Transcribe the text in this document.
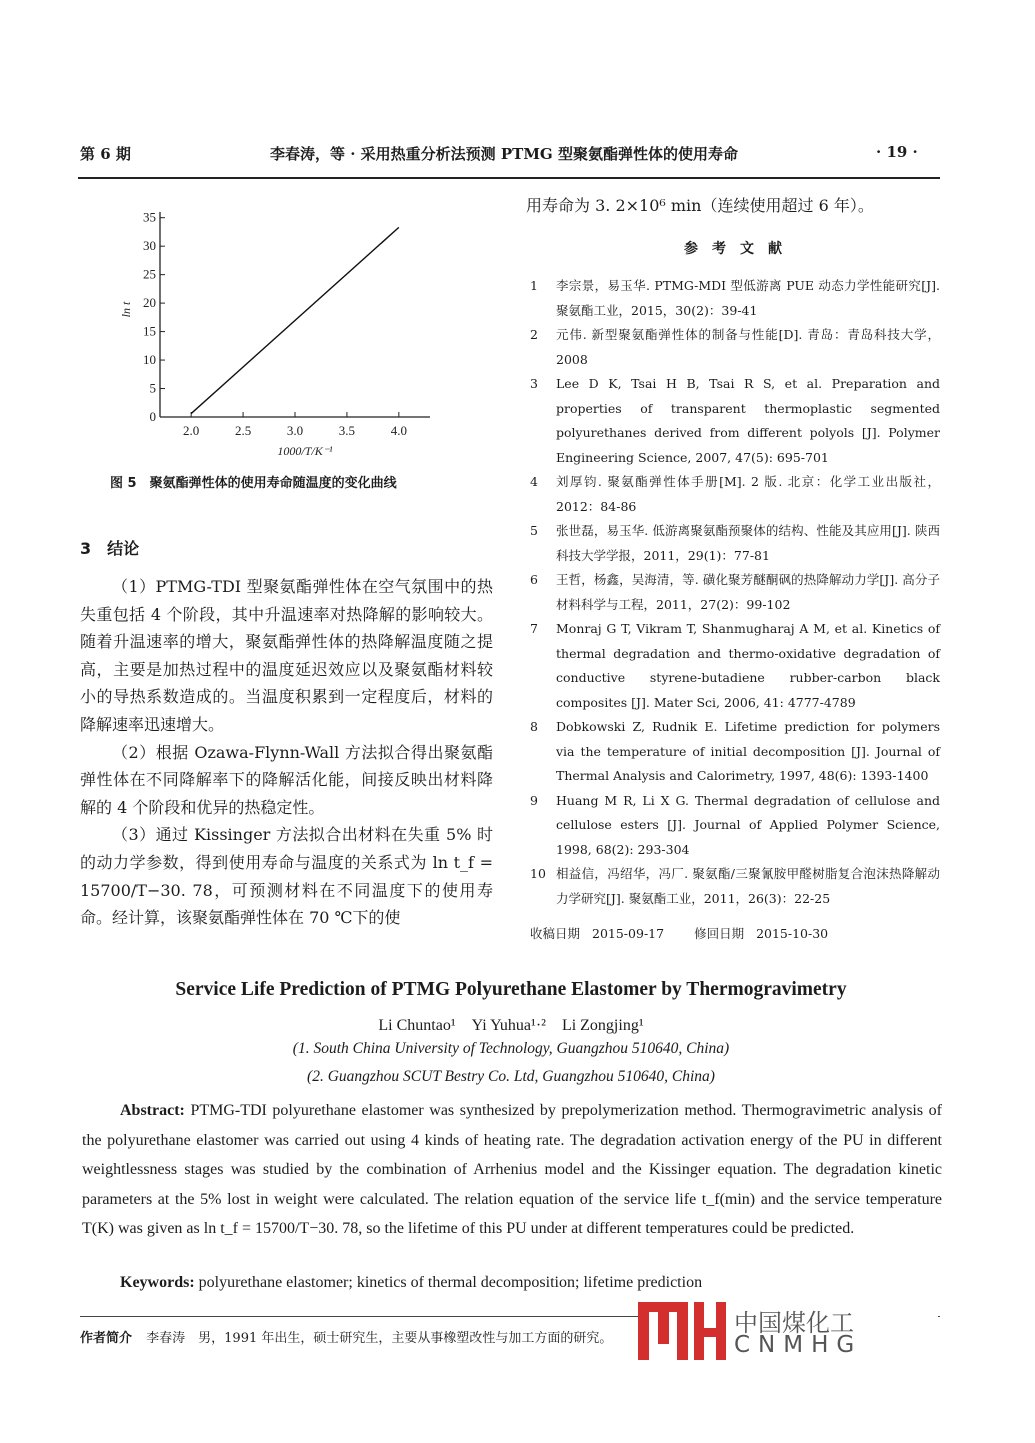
第 6 期	李春涛，等 · 采用热重分析法预测 PTMG 型聚氨酯弹性体的使用寿命	· 19 ·
0
5
10
15
20
25
30
35
2.0	2.5	3.0	3.5	4.0
1000/T/K⁻¹
ln t
图 5　聚氨酯弹性体的使用寿命随温度的变化曲线
3　结论

（1）PTMG-TDI 型聚氨酯弹性体在空气氛围中的热失重包括 4 个阶段，其中升温速率对热降解的影响较大。随着升温速率的增大，聚氨酯弹性体的热降解温度随之提高，主要是加热过程中的温度延迟效应以及聚氨酯材料较小的导热系数造成的。当温度积累到一定程度后，材料的降解速率迅速增大。

（2）根据 Ozawa-Flynn-Wall 方法拟合得出聚氨酯弹性体在不同降解率下的降解活化能，间接反映出材料降解的 4 个阶段和优异的热稳定性。

（3）通过 Kissinger 方法拟合出材料在失重 5% 时的动力学参数，得到使用寿命与温度的关系式为 ln t_f = 15700/T−30. 78，可预测材料在不同温度下的使用寿命。经计算，该聚氨酯弹性体在 70 ℃下的使

用寿命为 3. 2×10⁶ min（连续使用超过 6 年）。
参　考　文　献
1	李宗景，易玉华. PTMG-MDI 型低游离 PUE 动态力学性能研究[J]. 聚氨酯工业，2015，30(2)：39-41
2	元伟. 新型聚氨酯弹性体的制备与性能[D]. 青岛：青岛科技大学，2008
3	Lee D K, Tsai H B, Tsai R S, et al. Preparation and properties of transparent thermoplastic segmented polyurethanes derived from different polyols [J]. Polymer Engineering Science, 2007, 47(5): 695-701
4	刘厚钧. 聚氨酯弹性体手册[M]. 2 版. 北京：化学工业出版社，2012：84-86
5	张世磊，易玉华. 低游离聚氨酯预聚体的结构、性能及其应用[J]. 陕西科技大学学报，2011，29(1)：77-81
6	王哲，杨鑫，吴海清，等. 磺化聚芳醚酮砜的热降解动力学[J]. 高分子材料科学与工程，2011，27(2)：99-102
7	Monraj G T, Vikram T, Shanmugharaj A M, et al. Kinetics of thermal degradation and thermo-oxidative degradation of conductive styrene-butadiene rubber-carbon black composites [J]. Mater Sci, 2006, 41: 4777-4789
8	Dobkowski Z, Rudnik E. Lifetime prediction for polymers via the temperature of initial decomposition [J]. Journal of Thermal Analysis and Calorimetry, 1997, 48(6): 1393-1400
9	Huang M R, Li X G. Thermal degradation of cellulose and cellulose esters [J]. Journal of Applied Polymer Science, 1998, 68(2): 293-304
10 相益信，冯绍华，冯厂. 聚氨酯/三聚氰胺甲醛树脂复合泡沫热降解动力学研究[J]. 聚氨酯工业，2011，26(3)：22-25
收稿日期 2015-09-17 修回日期 2015-10-30
Service Life Prediction of PTMG Polyurethane Elastomer by Thermogravimetry
Li Chuntao¹　Yi Yuhua¹·²　Li Zongjing¹
(1. South China University of Technology, Guangzhou 510640, China)
(2. Guangzhou SCUT Bestry Co. Ltd, Guangzhou 510640, China)
Abstract: PTMG-TDI polyurethane elastomer was synthesized by prepolymerization method. Thermogravimetric analysis of the polyurethane elastomer was carried out using 4 kinds of heating rate. The degradation activation energy of the PU in different weightlessness stages was studied by the combination of Arrhenius model and the Kissinger equation. The degradation kinetic parameters at the 5% lost in weight were calculated. The relation equation of the service life t_f(min) and the service temperature T(K) was given as ln t_f = 15700/T−30. 78, so the lifetime of this PU under at different temperatures could be predicted.
Keywords: polyurethane elastomer; kinetics of thermal decomposition; lifetime prediction
作者简介 李春涛　男，1991 年出生，硕士研究生，主要从事橡塑改性与加工方面的研究。
中国煤化工
CNMHG
